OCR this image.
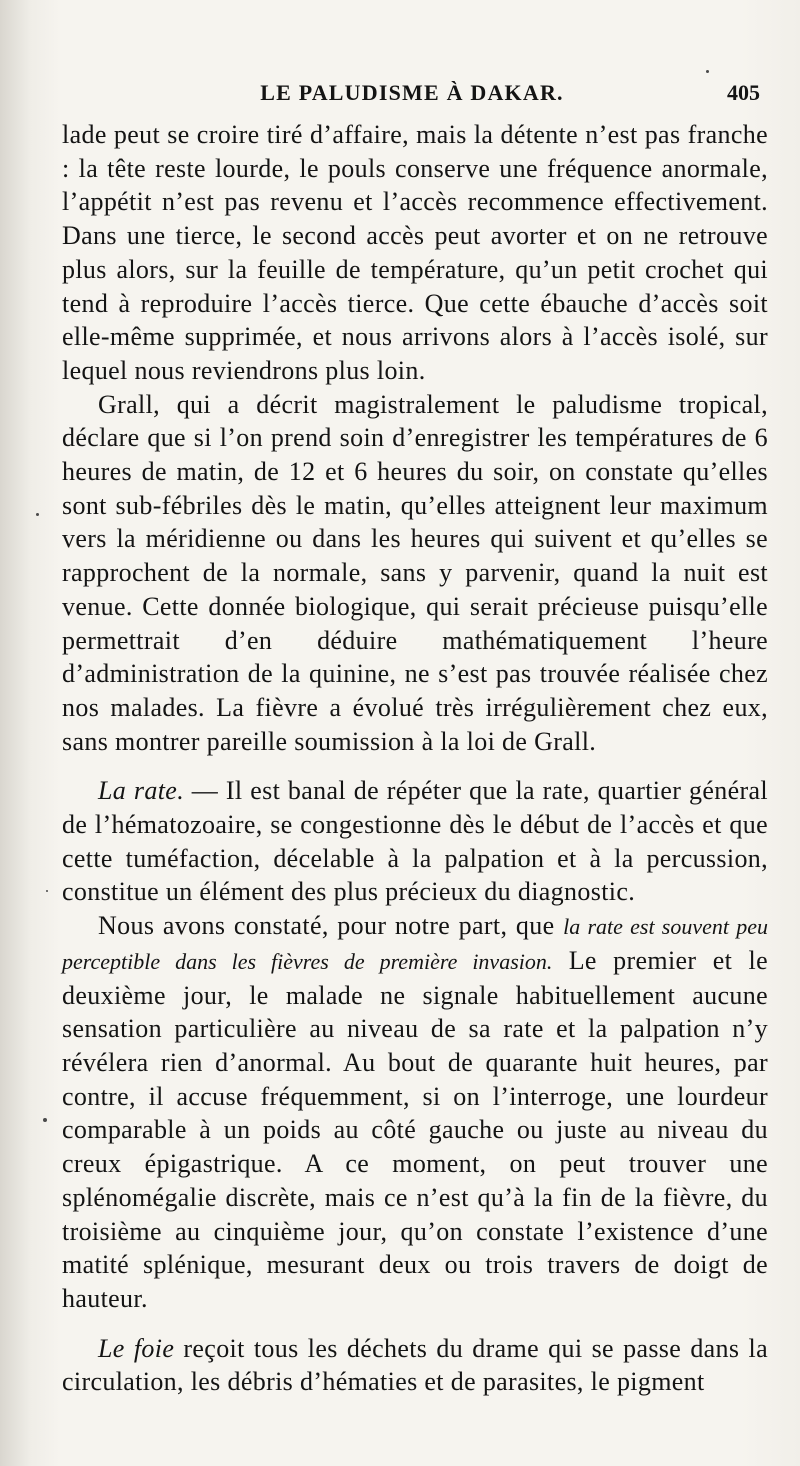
LE PALUDISME À DAKAR.	405

lade peut se croire tiré d’affaire, mais la détente n’est pas franche : la tête reste lourde, le pouls conserve une fréquence anormale, l’appétit n’est pas revenu et l’accès recommence effectivement. Dans une tierce, le second accès peut avorter et on ne retrouve plus alors, sur la feuille de température, qu’un petit crochet qui tend à reproduire l’accès tierce. Que cette ébauche d’accès soit elle-même supprimée, et nous arrivons alors à l’accès isolé, sur lequel nous reviendrons plus loin.

Grall, qui a décrit magistralement le paludisme tropical, déclare que si l’on prend soin d’enregistrer les températures de 6 heures de matin, de 12 et 6 heures du soir, on constate qu’elles sont sub-fébriles dès le matin, qu’elles atteignent leur maximum vers la méridienne ou dans les heures qui suivent et qu’elles se rapprochent de la normale, sans y parvenir, quand la nuit est venue. Cette donnée biologique, qui serait précieuse puisqu’elle permettrait d’en déduire mathématiquement l’heure d’administration de la quinine, ne s’est pas trouvée réalisée chez nos malades. La fièvre a évolué très irrégulièrement chez eux, sans montrer pareille soumission à la loi de Grall.

La rate. — Il est banal de répéter que la rate, quartier général de l’hématozoaire, se congestionne dès le début de l’accès et que cette tuméfaction, décelable à la palpation et à la percussion, constitue un élément des plus précieux du diagnostic.

Nous avons constaté, pour notre part, que la rate est souvent peu perceptible dans les fièvres de première invasion. Le premier et le deuxième jour, le malade ne signale habituellement aucune sensation particulière au niveau de sa rate et la palpation n’y révélera rien d’anormal. Au bout de quarante huit heures, par contre, il accuse fréquemment, si on l’interroge, une lourdeur comparable à un poids au côté gauche ou juste au niveau du creux épigastrique. A ce moment, on peut trouver une splénomégalie discrète, mais ce n’est qu’à la fin de la fièvre, du troisième au cinquième jour, qu’on constate l’existence d’une matité splénique, mesurant deux ou trois travers de doigt de hauteur.

Le foie reçoit tous les déchets du drame qui se passe dans la circulation, les débris d’hématies et de parasites, le pigment
